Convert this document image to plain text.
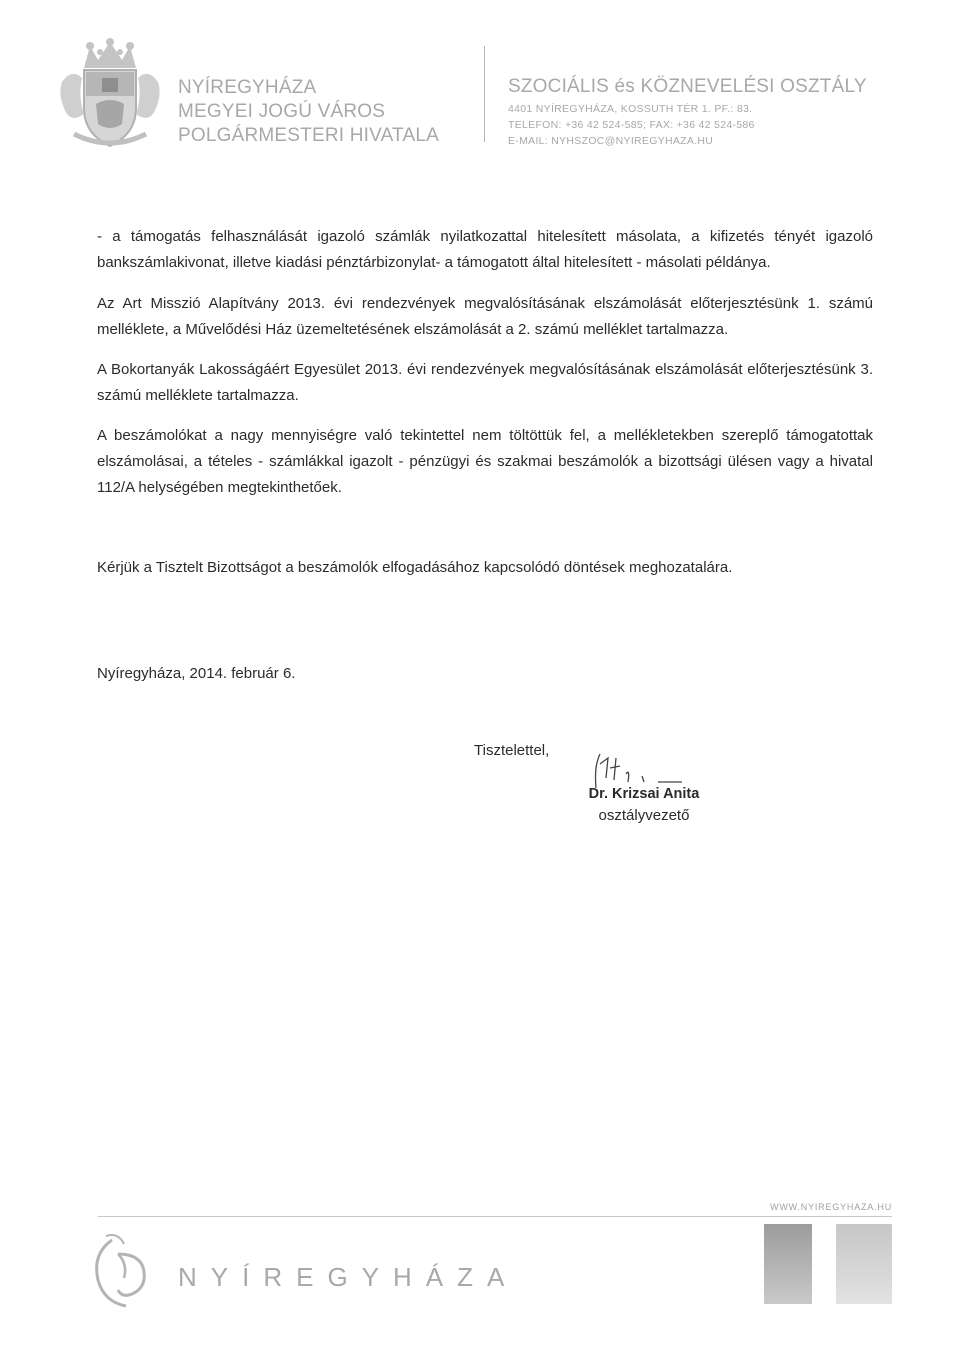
NYÍREGYHÁZA
MEGYEI JOGÚ VÁROS
POLGÁRMESTERI HIVATALA
SZOCIÁLIS és KÖZNEVELÉSI OSZTÁLY
4401 NYÍREGYHÁZA, KOSSUTH TÉR 1. PF.: 83.
TELEFON: +36 42 524-585; FAX: +36 42 524-586
E-MAIL: NYHSZOC@NYIREGYHAZA.HU
- a támogatás felhasználását igazoló számlák nyilatkozattal hitelesített másolata, a kifizetés tényét igazoló bankszámlakivonat, illetve kiadási pénztárbizonylat- a támogatott által hitelesített - másolati példánya.
Az Art Misszió Alapítvány 2013. évi rendezvények megvalósításának elszámolását előterjesztésünk 1. számú melléklete, a Művelődési Ház üzemeltetésének elszámolását a 2. számú melléklet tartalmazza.
A Bokortanyák Lakosságáért Egyesület 2013. évi rendezvények megvalósításának elszámolását előterjesztésünk 3. számú melléklete tartalmazza.
A beszámolókat a nagy mennyiségre való tekintettel nem töltöttük fel, a mellékletekben szereplő támogatottak elszámolásai, a tételes - számlákkal igazolt - pénzügyi és szakmai beszámolók a bizottsági ülésen vagy a hivatal 112/A helységében megtekinthetőek.
Kérjük a Tisztelt Bizottságot a beszámolók elfogadásához kapcsolódó döntések meghozatalára.
Nyíregyháza, 2014. február 6.
Tisztelettel,
Dr. Krizsai Anita
osztályvezető
WWW.NYIREGYHAZA.HU
NYÍREGYHÁZA
